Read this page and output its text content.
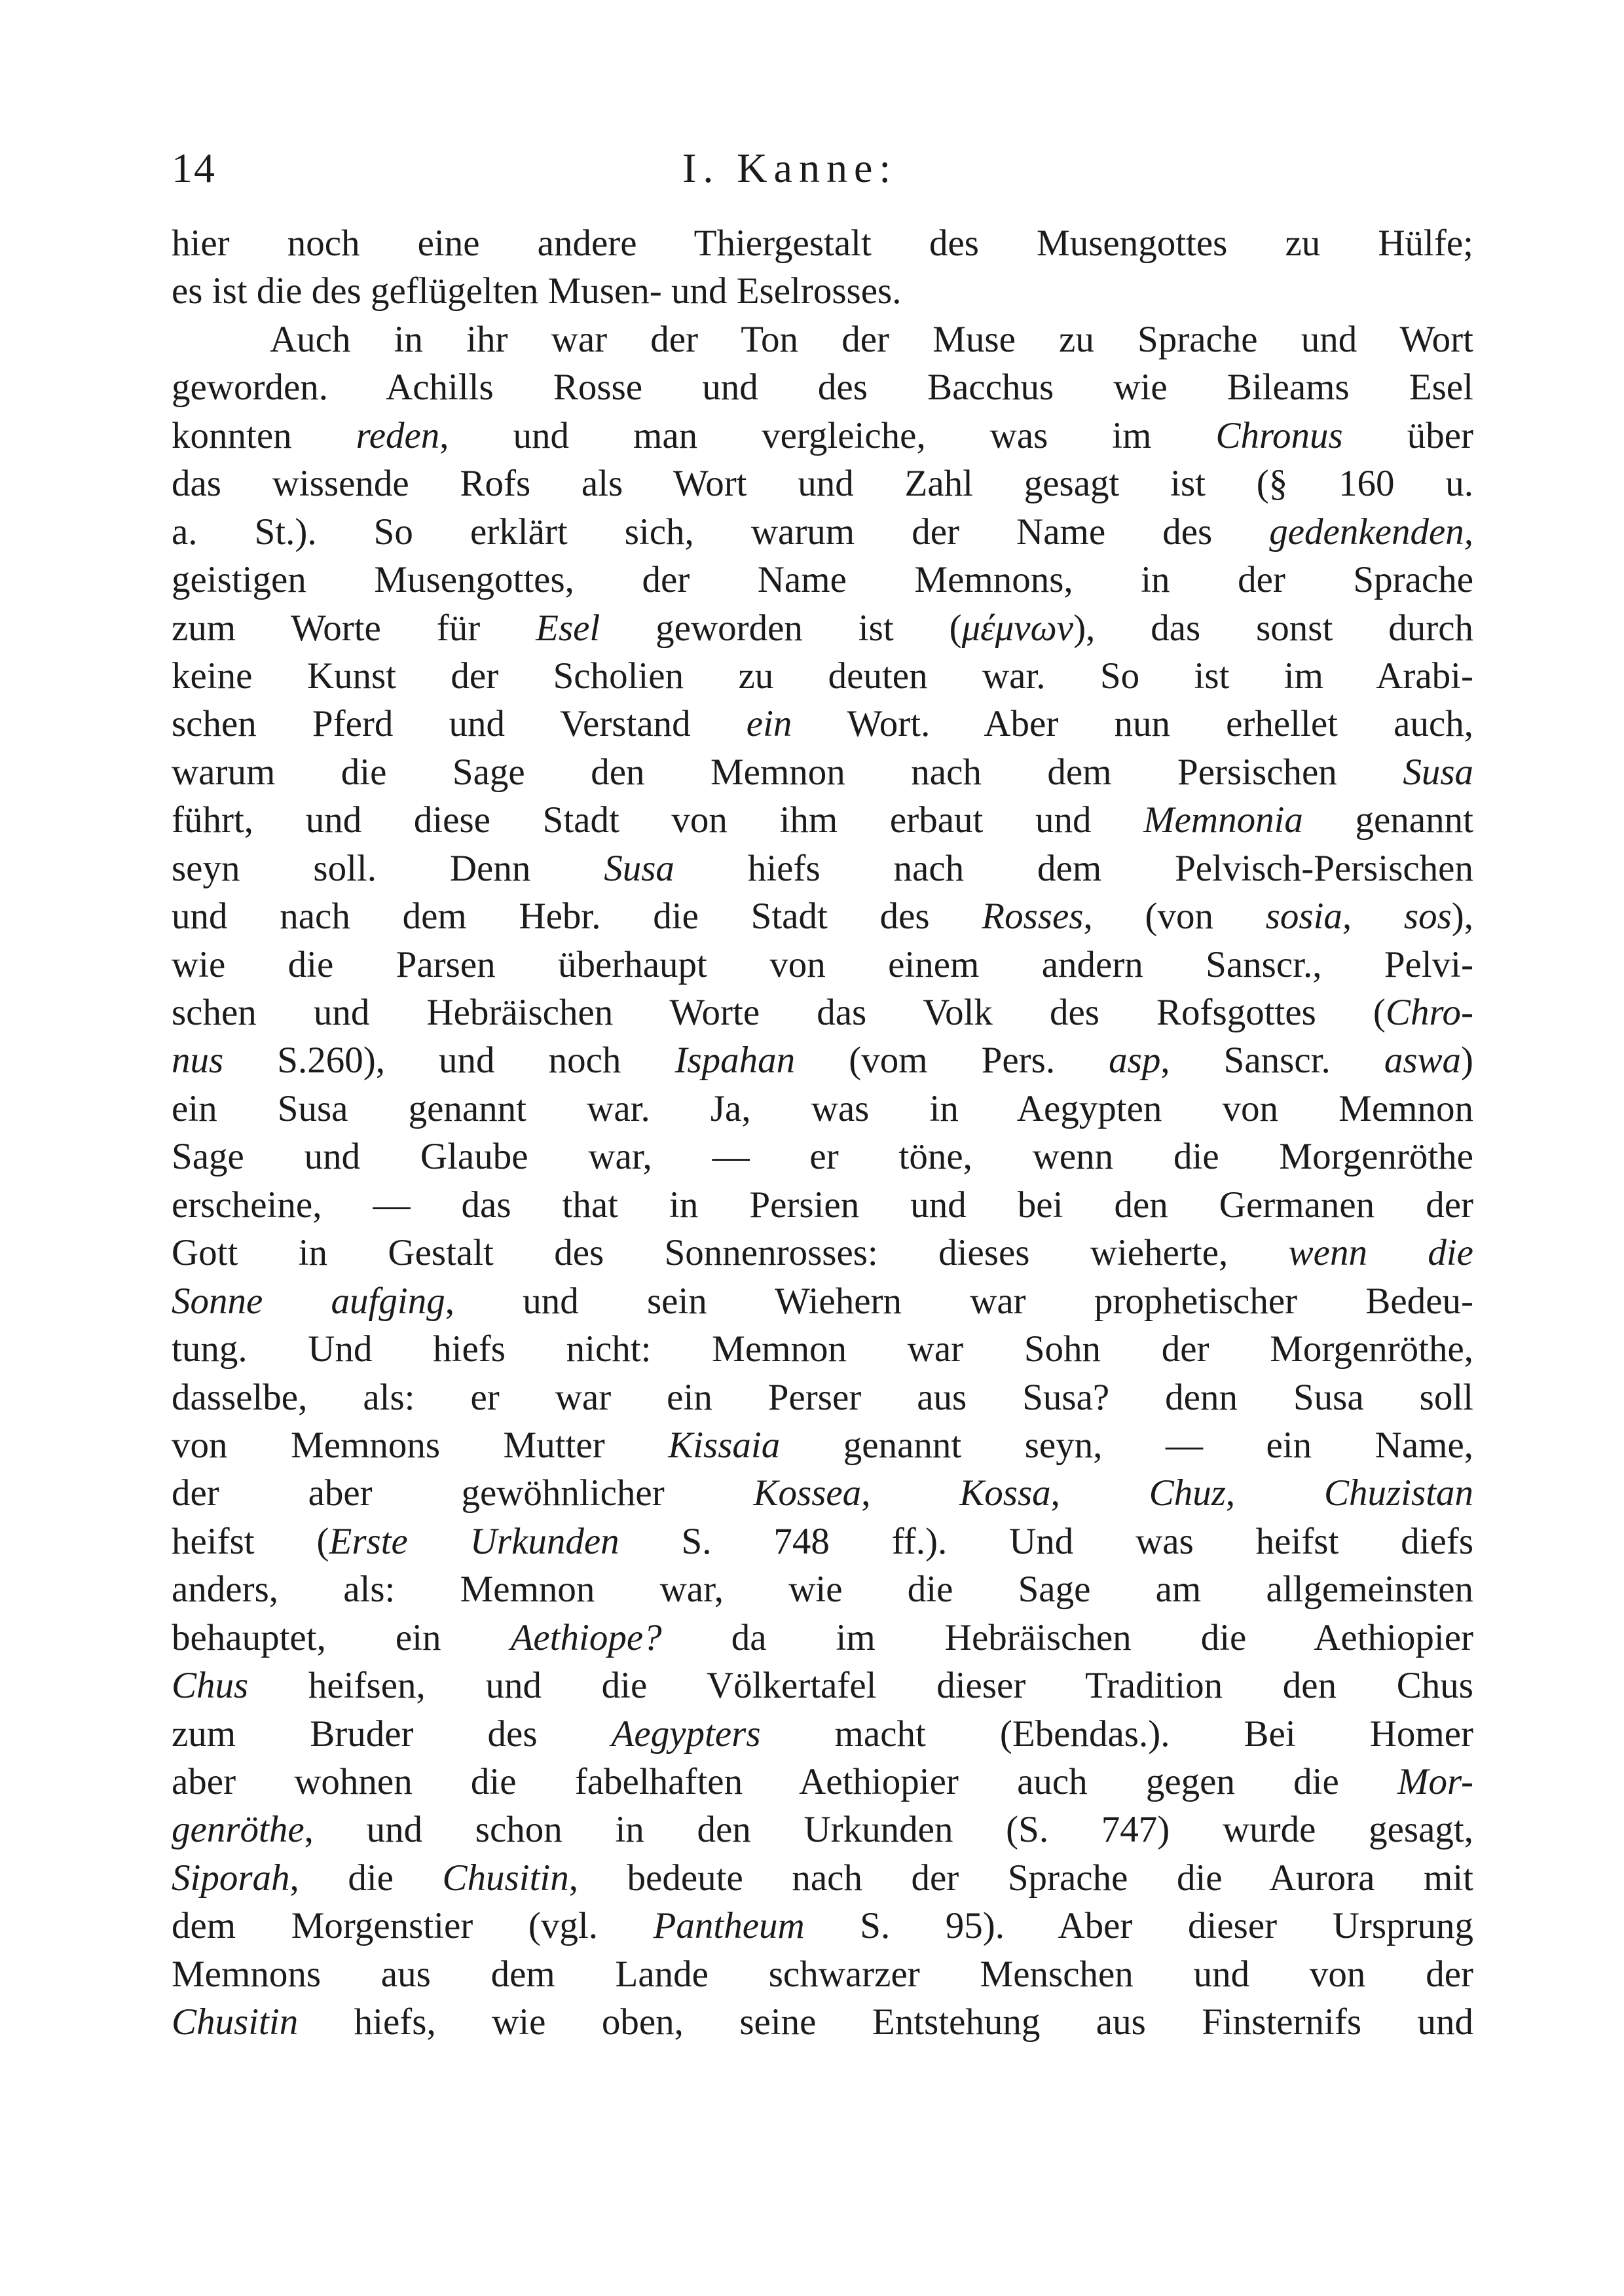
14	I. Kanne:
hier noch eine andere Thiergestalt des Musengottes zu Hülfe;
es ist die des geflügelten Musen- und Eselrosses.
Auch in ihr war der Ton der Muse zu Sprache und Wort
geworden. Achills Rosse und des Bacchus wie Bileams Esel
konnten reden, und man vergleiche, was im Chronus über
das wissende Rofs als Wort und Zahl gesagt ist (§ 160 u.
a. St.). So erklärt sich, warum der Name des gedenkenden,
geistigen Musengottes, der Name Memnons, in der Sprache
zum Worte für Esel geworden ist (μέμνων), das sonst durch
keine Kunst der Scholien zu deuten war. So ist im Arabi-
schen Pferd und Verstand ein Wort. Aber nun erhellet auch,
warum die Sage den Memnon nach dem Persischen Susa
führt, und diese Stadt von ihm erbaut und Memnonia genannt
seyn soll. Denn Susa hiefs nach dem Pelvisch-Persischen
und nach dem Hebr. die Stadt des Rosses, (von sosia, sos),
wie die Parsen überhaupt von einem andern Sanscr., Pelvi-
schen und Hebräischen Worte das Volk des Rofsgottes (Chro-
nus S.260), und noch Ispahan (vom Pers. asp, Sanscr. aswa)
ein Susa genannt war. Ja, was in Aegypten von Memnon
Sage und Glaube war, — er töne, wenn die Morgenröthe
erscheine, — das that in Persien und bei den Germanen der
Gott in Gestalt des Sonnenrosses: dieses wieherte, wenn die
Sonne aufging, und sein Wiehern war prophetischer Bedeu-
tung. Und hiefs nicht: Memnon war Sohn der Morgenröthe,
dasselbe, als: er war ein Perser aus Susa? denn Susa soll
von Memnons Mutter Kissaia genannt seyn, — ein Name,
der aber gewöhnlicher Kossea, Kossa, Chuz, Chuzistan
heifst (Erste Urkunden S. 748 ff.). Und was heifst diefs
anders, als: Memnon war, wie die Sage am allgemeinsten
behauptet, ein Aethiope? da im Hebräischen die Aethiopier
Chus heifsen, und die Völkertafel dieser Tradition den Chus
zum Bruder des Aegypters macht (Ebendas.). Bei Homer
aber wohnen die fabelhaften Aethiopier auch gegen die Mor-
genröthe, und schon in den Urkunden (S. 747) wurde gesagt,
Siporah, die Chusitin, bedeute nach der Sprache die Aurora mit
dem Morgenstier (vgl. Pantheum S. 95). Aber dieser Ursprung
Memnons aus dem Lande schwarzer Menschen und von der
Chusitin hiefs, wie oben, seine Entstehung aus Finsternifs und
